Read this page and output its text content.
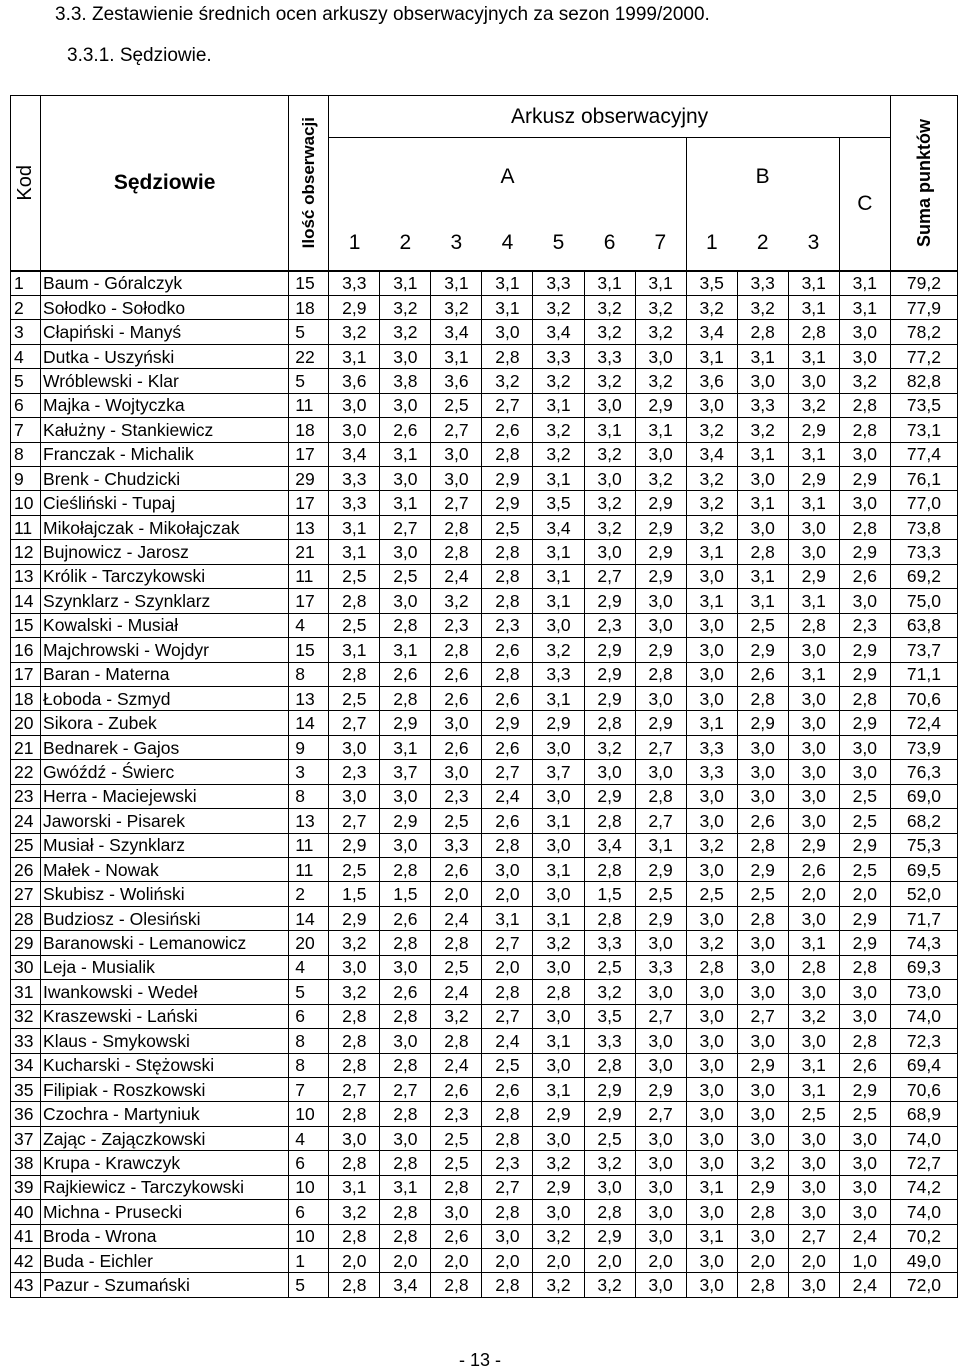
3.3. Zestawienie średnich ocen arkuszy obserwacyjnych za sezon 1999/2000.
3.3.1. Sędziowie.
Kod	Sędziowie	Ilość obserwacji	Arkusz obserwacyjny											Suma punktów

			A							B			C	
			1	2	3	4	5	6	7	1	2	3		
1	Baum - Góralczyk	15	3,3	3,1	3,1	3,1	3,3	3,1	3,1	3,5	3,3	3,1	3,1	79,2
2	Sołodko - Sołodko	18	2,9	3,2	3,2	3,1	3,2	3,2	3,2	3,2	3,2	3,1	3,1	77,9
3	Cłapiński - Manyś	5	3,2	3,2	3,4	3,0	3,4	3,2	3,2	3,4	2,8	2,8	3,0	78,2
4	Dutka - Uszyński	22	3,1	3,0	3,1	2,8	3,3	3,3	3,0	3,1	3,1	3,1	3,0	77,2
5	Wróblewski - Klar	5	3,6	3,8	3,6	3,2	3,2	3,2	3,2	3,6	3,0	3,0	3,2	82,8
6	Majka - Wojtyczka	11	3,0	3,0	2,5	2,7	3,1	3,0	2,9	3,0	3,3	3,2	2,8	73,5
7	Kałużny - Stankiewicz	18	3,0	2,6	2,7	2,6	3,2	3,1	3,1	3,2	3,2	2,9	2,8	73,1
8	Franczak - Michalik	17	3,4	3,1	3,0	2,8	3,2	3,2	3,0	3,4	3,1	3,1	3,0	77,4
9	Brenk - Chudzicki	29	3,3	3,0	3,0	2,9	3,1	3,0	3,2	3,2	3,0	2,9	2,9	76,1
10	Cieśliński - Tupaj	17	3,3	3,1	2,7	2,9	3,5	3,2	2,9	3,2	3,1	3,1	3,0	77,0
11	Mikołajczak - Mikołajczak	13	3,1	2,7	2,8	2,5	3,4	3,2	2,9	3,2	3,0	3,0	2,8	73,8
12	Bujnowicz - Jarosz	21	3,1	3,0	2,8	2,8	3,1	3,0	2,9	3,1	2,8	3,0	2,9	73,3
13	Królik - Tarczykowski	11	2,5	2,5	2,4	2,8	3,1	2,7	2,9	3,0	3,1	2,9	2,6	69,2
14	Szynklarz - Szynklarz	17	2,8	3,0	3,2	2,8	3,1	2,9	3,0	3,1	3,1	3,1	3,0	75,0
15	Kowalski - Musiał	4	2,5	2,8	2,3	2,3	3,0	2,3	3,0	3,0	2,5	2,8	2,3	63,8
16	Majchrowski - Wojdyr	15	3,1	3,1	2,8	2,6	3,2	2,9	2,9	3,0	2,9	3,0	2,9	73,7
17	Baran - Materna	8	2,8	2,6	2,6	2,8	3,3	2,9	2,8	3,0	2,6	3,1	2,9	71,1
18	Łoboda - Szmyd	13	2,5	2,8	2,6	2,6	3,1	2,9	3,0	3,0	2,8	3,0	2,8	70,6
20	Sikora - Zubek	14	2,7	2,9	3,0	2,9	2,9	2,8	2,9	3,1	2,9	3,0	2,9	72,4
21	Bednarek - Gajos	9	3,0	3,1	2,6	2,6	3,0	3,2	2,7	3,3	3,0	3,0	3,0	73,9
22	Gwóźdź - Świerc	3	2,3	3,7	3,0	2,7	3,7	3,0	3,0	3,3	3,0	3,0	3,0	76,3
23	Herra - Maciejewski	8	3,0	3,0	2,3	2,4	3,0	2,9	2,8	3,0	3,0	3,0	2,5	69,0
24	Jaworski - Pisarek	13	2,7	2,9	2,5	2,6	3,1	2,8	2,7	3,0	2,6	3,0	2,5	68,2
25	Musiał - Szynklarz	11	2,9	3,0	3,3	2,8	3,0	3,4	3,1	3,2	2,8	2,9	2,9	75,3
26	Małek - Nowak	11	2,5	2,8	2,6	3,0	3,1	2,8	2,9	3,0	2,9	2,6	2,5	69,5
27	Skubisz - Woliński	2	1,5	1,5	2,0	2,0	3,0	1,5	2,5	2,5	2,5	2,0	2,0	52,0
28	Budziosz - Olesiński	14	2,9	2,6	2,4	3,1	3,1	2,8	2,9	3,0	2,8	3,0	2,9	71,7
29	Baranowski - Lemanowicz	20	3,2	2,8	2,8	2,7	3,2	3,3	3,0	3,2	3,0	3,1	2,9	74,3
30	Leja - Musialik	4	3,0	3,0	2,5	2,0	3,0	2,5	3,3	2,8	3,0	2,8	2,8	69,3
31	Iwankowski - Wedeł	5	3,2	2,6	2,4	2,8	2,8	3,2	3,0	3,0	3,0	3,0	3,0	73,0
32	Kraszewski - Lański	6	2,8	2,8	3,2	2,7	3,0	3,5	2,7	3,0	2,7	3,2	3,0	74,0
33	Klaus - Smykowski	8	2,8	3,0	2,8	2,4	3,1	3,3	3,0	3,0	3,0	3,0	2,8	72,3
34	Kucharski - Stężowski	8	2,8	2,8	2,4	2,5	3,0	2,8	3,0	3,0	2,9	3,1	2,6	69,4
35	Filipiak - Roszkowski	7	2,7	2,7	2,6	2,6	3,1	2,9	2,9	3,0	3,0	3,1	2,9	70,6
36	Czochra - Martyniuk	10	2,8	2,8	2,3	2,8	2,9	2,9	2,7	3,0	3,0	2,5	2,5	68,9
37	Zając - Zajączkowski	4	3,0	3,0	2,5	2,8	3,0	2,5	3,0	3,0	3,0	3,0	3,0	74,0
38	Krupa - Krawczyk	6	2,8	2,8	2,5	2,3	3,2	3,2	3,0	3,0	3,2	3,0	3,0	72,7
39	Rajkiewicz - Tarczykowski	10	3,1	3,1	2,8	2,7	2,9	3,0	3,0	3,1	2,9	3,0	3,0	74,2
40	Michna - Prusecki	6	3,2	2,8	3,0	2,8	3,0	2,8	3,0	3,0	2,8	3,0	3,0	74,0
41	Broda - Wrona	10	2,8	2,8	2,6	3,0	3,2	2,9	3,0	3,1	3,0	2,7	2,4	70,2
42	Buda - Eichler	1	2,0	2,0	2,0	2,0	2,0	2,0	2,0	3,0	2,0	2,0	1,0	49,0
43	Pazur - Szumański	5	2,8	3,4	2,8	2,8	3,2	3,2	3,0	3,0	2,8	3,0	2,4	72,0
- 13 -
